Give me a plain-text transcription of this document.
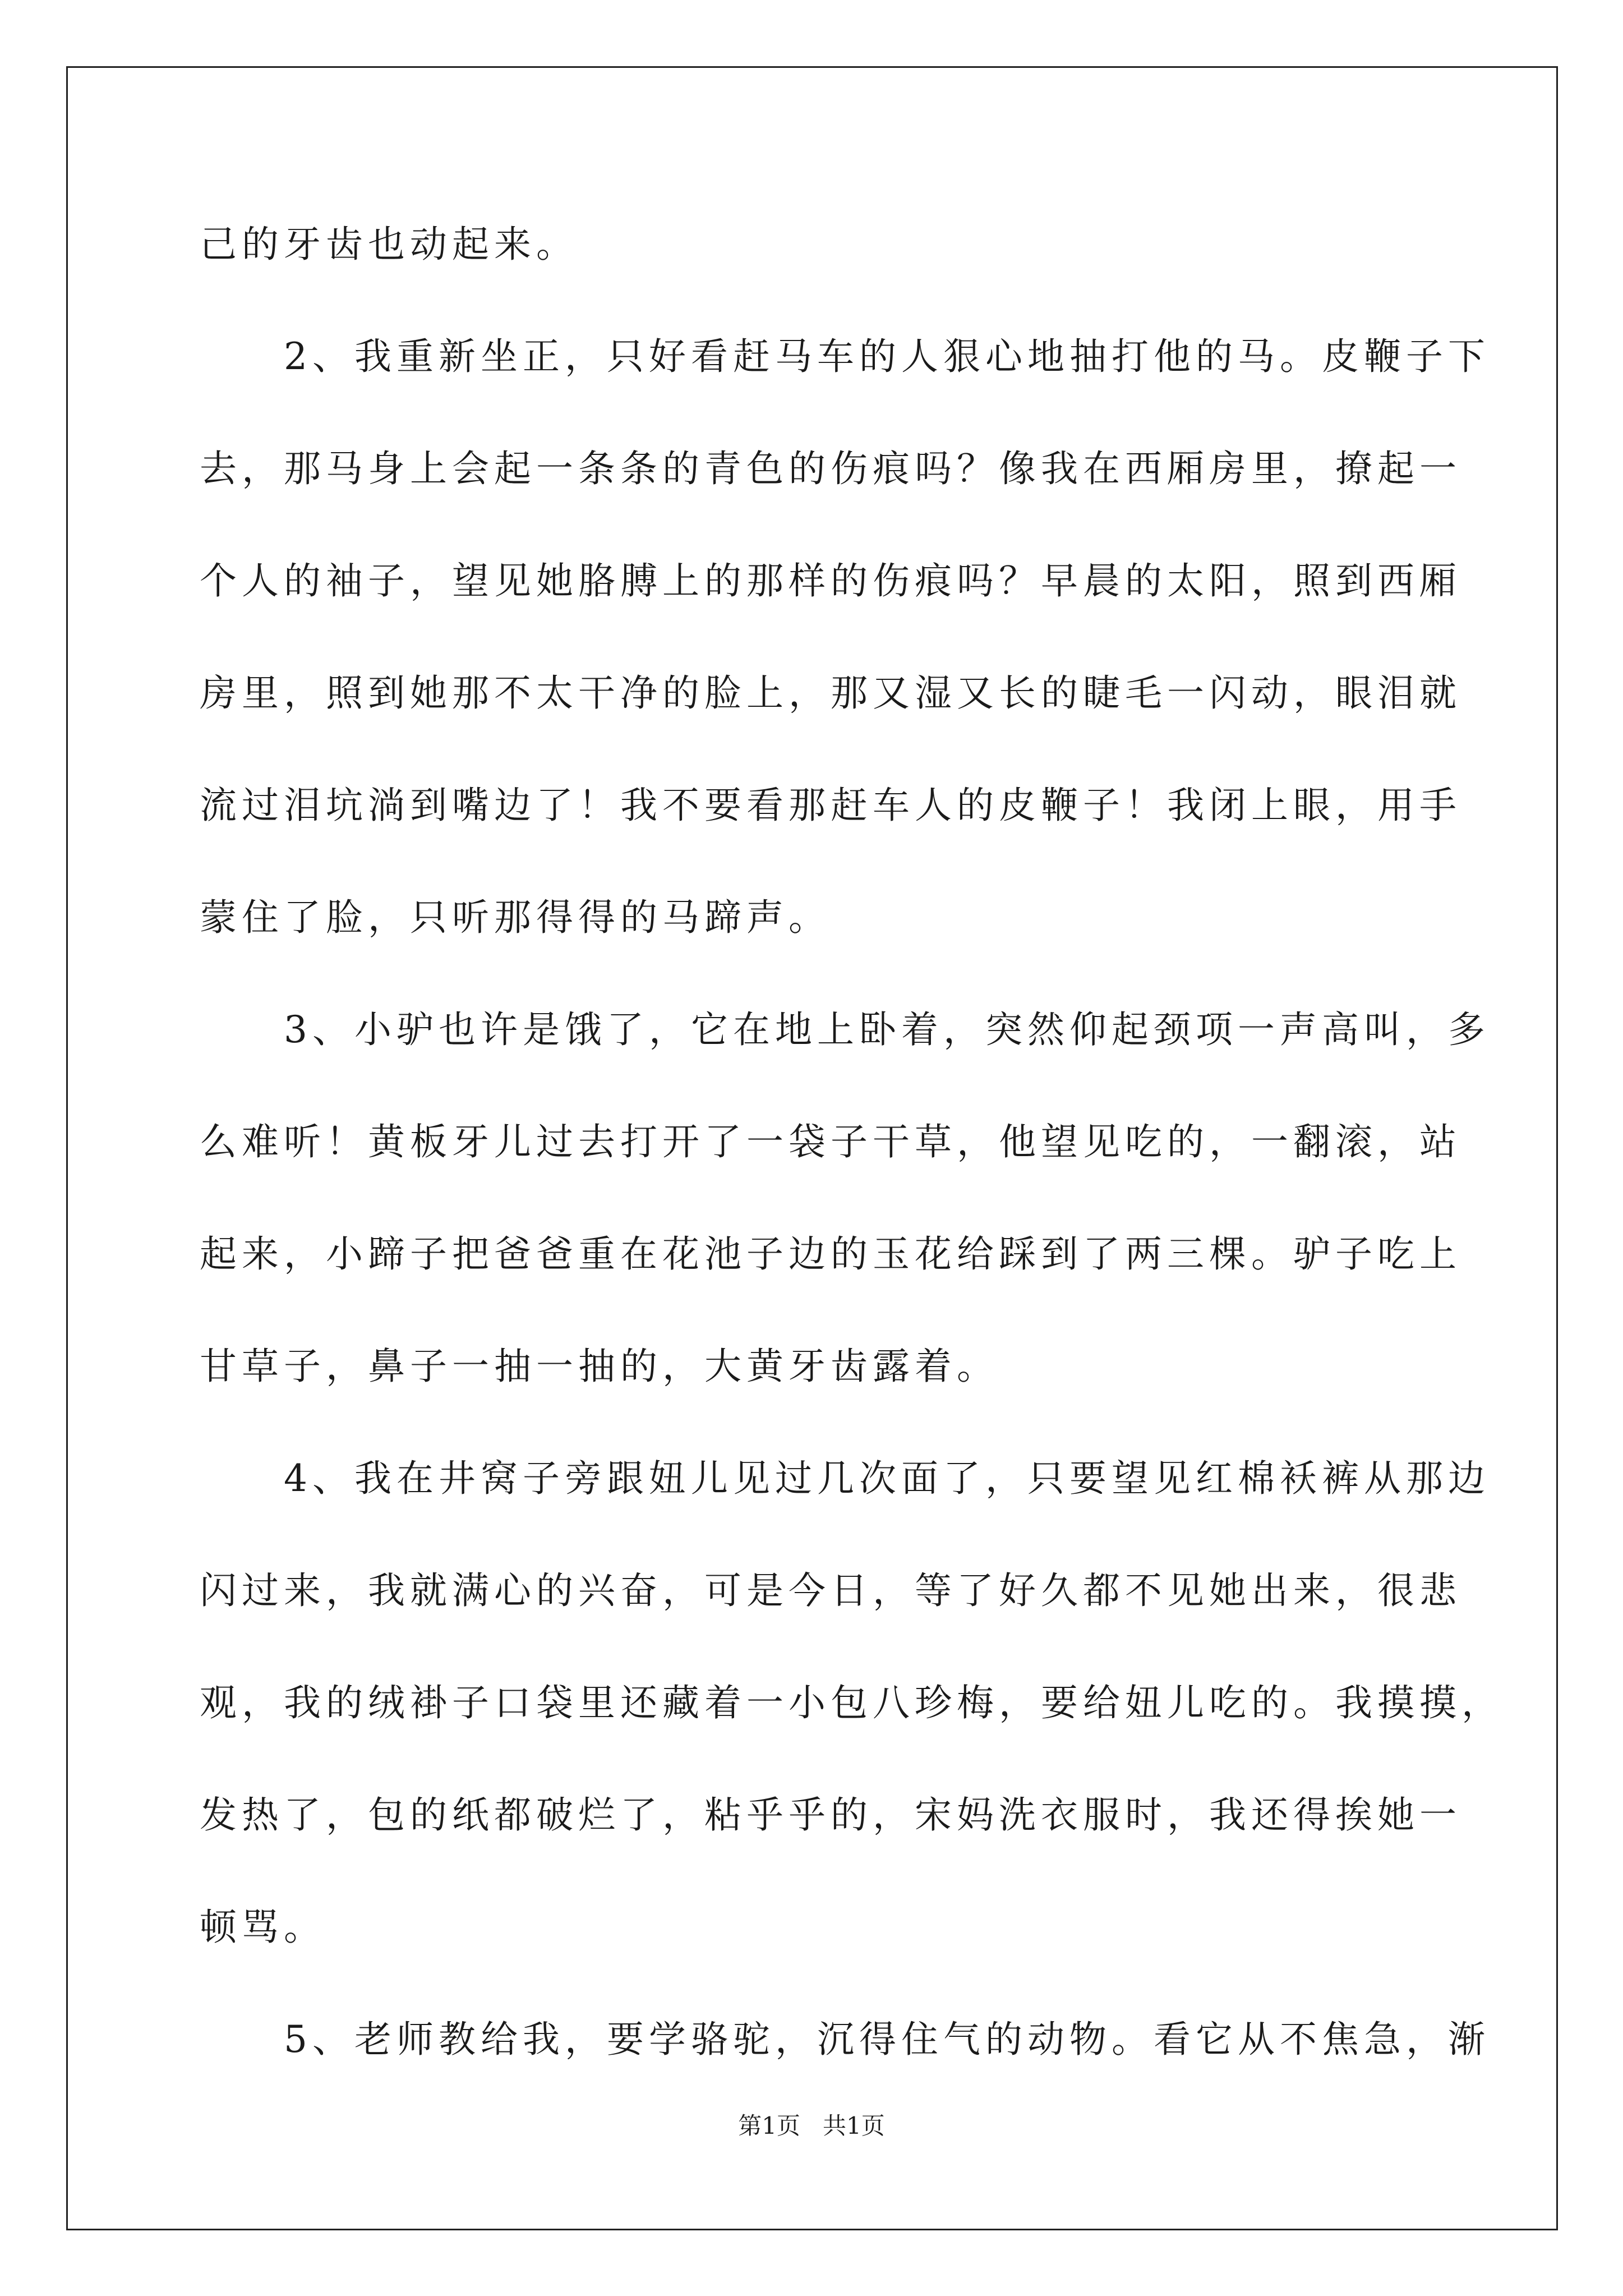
己的牙齿也动起来。
　　2、我重新坐正，只好看赶马车的人狠心地抽打他的马。皮鞭子下
去，那马身上会起一条条的青色的伤痕吗？像我在西厢房里，撩起一
个人的袖子，望见她胳膊上的那样的伤痕吗？早晨的太阳，照到西厢
房里，照到她那不太干净的脸上，那又湿又长的睫毛一闪动，眼泪就
流过泪坑淌到嘴边了！我不要看那赶车人的皮鞭子！我闭上眼，用手
蒙住了脸，只听那得得的马蹄声。
　　3、小驴也许是饿了，它在地上卧着，突然仰起颈项一声高叫，多
么难听！黄板牙儿过去打开了一袋子干草，他望见吃的，一翻滚，站
起来，小蹄子把爸爸重在花池子边的玉花给踩到了两三棵。驴子吃上
甘草子，鼻子一抽一抽的，大黄牙齿露着。
　　4、我在井窝子旁跟妞儿见过几次面了，只要望见红棉袄裤从那边
闪过来，我就满心的兴奋，可是今日，等了好久都不见她出来，很悲
观，我的绒褂子口袋里还藏着一小包八珍梅，要给妞儿吃的。我摸摸，
发热了，包的纸都破烂了，粘乎乎的，宋妈洗衣服时，我还得挨她一
顿骂。
　　5、老师教给我，要学骆驼，沉得住气的动物。看它从不焦急，渐
第1页 共1页
